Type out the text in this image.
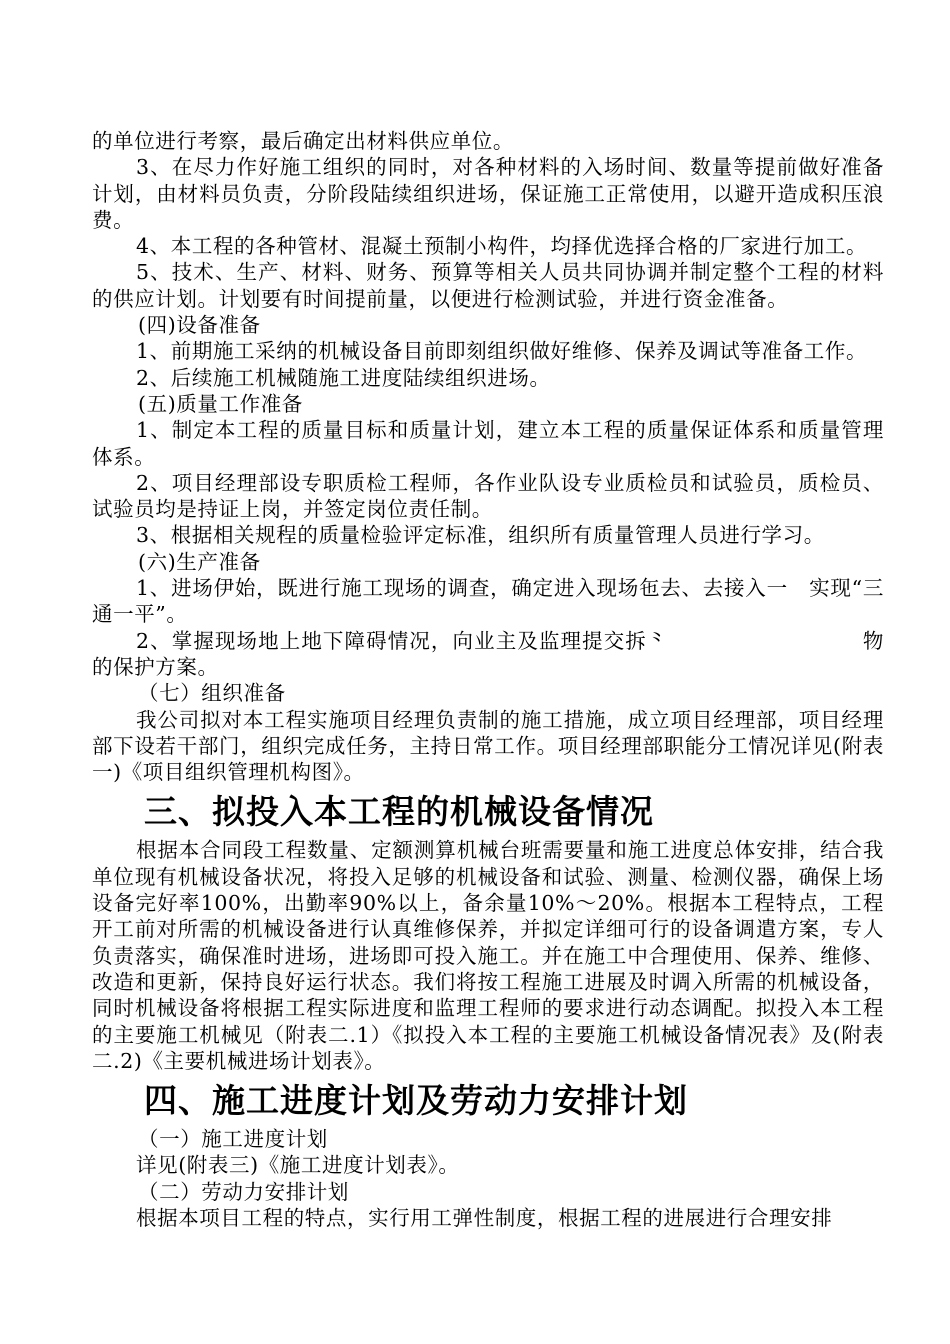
的单位进行考察，最后确定出材料供应单位。

3、在尽力作好施工组织的同时，对各种材料的入场时间、数量等提前做好准备计划，由材料员负责，分阶段陆续组织进场，保证施工正常使用，以避开造成积压浪费。

4、本工程的各种管材、混凝土预制小构件，均择优选择合格的厂家进行加工。

5、技术、生产、材料、财务、预算等相关人员共同协调并制定整个工程的材料的供应计划。计划要有时间提前量，以便进行检测试验，并进行资金准备。

(四)设备准备

1、前期施工采纳的机械设备目前即刻组织做好维修、保养及调试等准备工作。

2、后续施工机械随施工进度陆续组织进场。

(五)质量工作准备

1、制定本工程的质量目标和质量计划，建立本工程的质量保证体系和质量管理体系。

2、项目经理部设专职质检工程师，各作业队设专业质检员和试验员，质检员、试验员均是持证上岗，并签定岗位责任制。

3、根据相关规程的质量检验评定标准，组织所有质量管理人员进行学习。

(六)生产准备

1、进场伊始，既进行施工现场的调查，确定进入现场㐌去、去接入一　实现“三通一平”。

2、掌握现场地上地下障碍情况，向业主及监理提交拆⺀　　　　　　　　　物的保护方案。

（七）组织准备

我公司拟对本工程实施项目经理负责制的施工措施，成立项目经理部，项目经理部下设若干部门，组织完成任务，主持日常工作。项目经理部职能分工情况详见(附表一)《项目组织管理机构图》。

三、拟投入本工程的机械设备情况

根据本合同段工程数量、定额测算机械台班需要量和施工进度总体安排，结合我单位现有机械设备状况，将投入足够的机械设备和试验、测量、检测仪器，确保上场设备完好率100%，出勤率90%以上，备余量10%～20%。根据本工程特点，工程开工前对所需的机械设备进行认真维修保养，并拟定详细可行的设备调遣方案，专人负责落实，确保准时进场，进场即可投入施工。并在施工中合理使用、保养、维修、改造和更新，保持良好运行状态。我们将按工程施工进展及时调入所需的机械设备，同时机械设备将根据工程实际进度和监理工程师的要求进行动态调配。拟投入本工程的主要施工机械见（附表二.1）《拟投入本工程的主要施工机械设备情况表》及(附表二.2)《主要机械进场计划表》。

四、施工进度计划及劳动力安排计划

（一）施工进度计划

详见(附表三)《施工进度计划表》。

（二）劳动力安排计划

根据本项目工程的特点，实行用工弹性制度，根据工程的进展进行合理安排
